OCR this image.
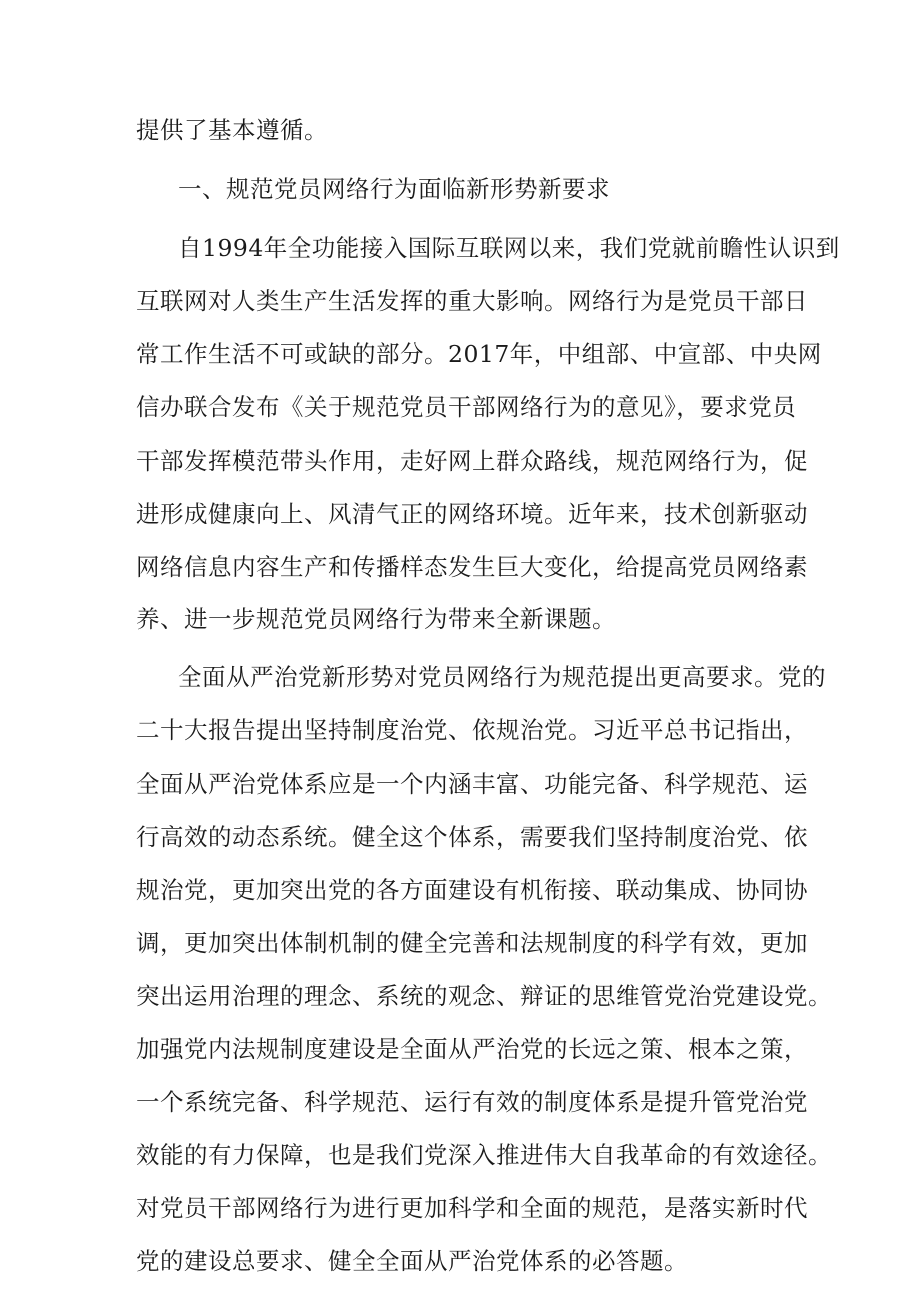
提供了基本遵循。
一、规范党员网络行为面临新形势新要求
自1994年全功能接入国际互联网以来，我们党就前瞻性认识到
互联网对人类生产生活发挥的重大影响。网络行为是党员干部日
常工作生活不可或缺的部分。2017年，中组部、中宣部、中央网
信办联合发布《关于规范党员干部网络行为的意见》，要求党员
干部发挥模范带头作用，走好网上群众路线，规范网络行为，促
进形成健康向上、风清气正的网络环境。近年来，技术创新驱动
网络信息内容生产和传播样态发生巨大变化，给提高党员网络素
养、进一步规范党员网络行为带来全新课题。
全面从严治党新形势对党员网络行为规范提出更高要求。党的
二十大报告提出坚持制度治党、依规治党。习近平总书记指出，
全面从严治党体系应是一个内涵丰富、功能完备、科学规范、运
行高效的动态系统。健全这个体系，需要我们坚持制度治党、依
规治党，更加突出党的各方面建设有机衔接、联动集成、协同协
调，更加突出体制机制的健全完善和法规制度的科学有效，更加
突出运用治理的理念、系统的观念、辩证的思维管党治党建设党。
加强党内法规制度建设是全面从严治党的长远之策、根本之策，
一个系统完备、科学规范、运行有效的制度体系是提升管党治党
效能的有力保障，也是我们党深入推进伟大自我革命的有效途径。
对党员干部网络行为进行更加科学和全面的规范，是落实新时代
党的建设总要求、健全全面从严治党体系的必答题。
